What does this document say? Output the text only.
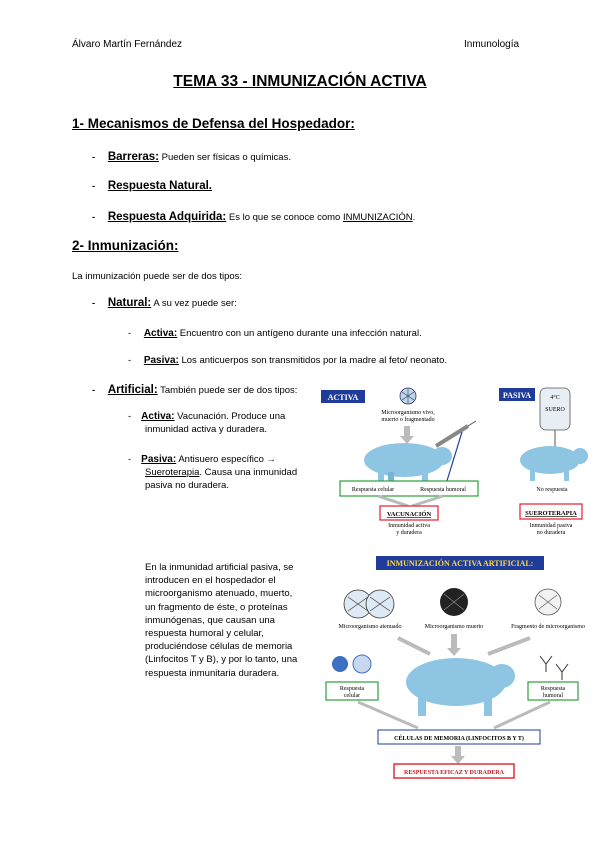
Álvaro Martín Fernández	Inmunología
TEMA 33 - INMUNIZACIÓN ACTIVA
1- Mecanismos de Defensa del Hospedador:
- Barreras: Pueden ser físicas o químicas.
- Respuesta Natural.
- Respuesta Adquirida: Es lo que se conoce como INMUNIZACIÓN.
2- Inmunización:
La inmunización puede ser de dos tipos:
- Natural: A su vez puede ser:
- Activa: Encuentro con un antígeno durante una infección natural.
- Pasiva: Los anticuerpos son transmitidos por la madre al feto/ neonato.
- Artificial: También puede ser de dos tipos:
- Activa: Vacunación. Produce una
inmunidad activa y duradera.
- Pasiva: Antisuero específico →
Sueroterapia. Causa una inmunidad
pasiva no duradera.
En la inmunidad artificial pasiva, se
introducen en el hospedador el
microorganismo atenuado, muerto,
un fragmento de éste, o proteínas
inmunógenas, que causan una
respuesta humoral y celular,
produciéndose células de memoria
(Linfocitos T y B), y por lo tanto, una
respuesta inmunitaria duradera.
ACTIVA
Microorganismo vivo,
muerto o fragmentado
Respuesta celular	Respuesta humoral
VACUNACIÓN
Inmunidad activa
y duradera
PASIVA	4°C
SUERO
No respuesta
SUEROTERAPIA
Inmunidad pasiva
no duradera
INMUNIZACIÓN ACTIVA ARTIFICIAL:
Microorganismo atenuado	Microorganismo muerto	Fragmento de microorganismo
Respuesta
celular
Respuesta
humoral
CÉLULAS DE MEMORIA (LINFOCITOS B Y T)
RESPUESTA EFICAZ Y DURADERA
